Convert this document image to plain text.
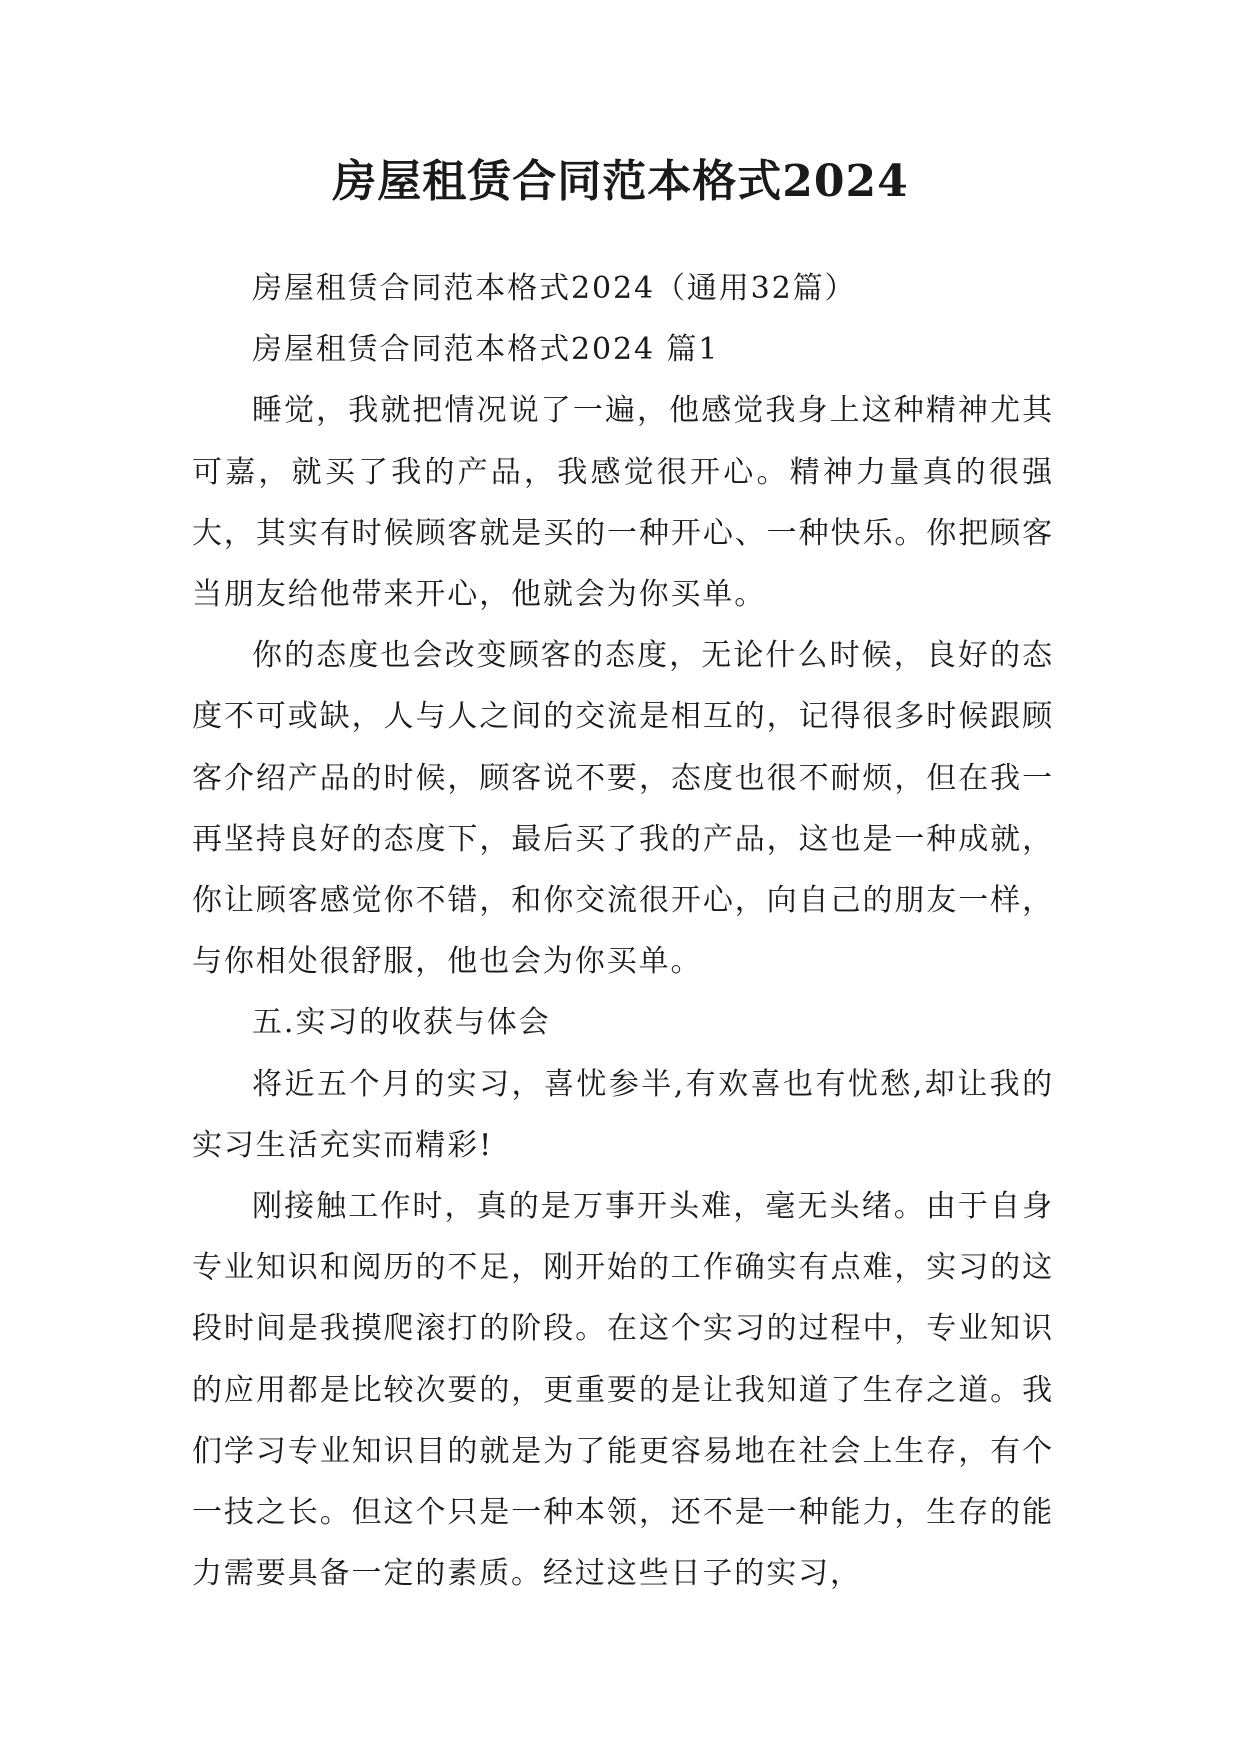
房屋租赁合同范本格式2024

房屋租赁合同范本格式2024（通用32篇）

房屋租赁合同范本格式2024 篇1

睡觉，我就把情况说了一遍，他感觉我身上这种精神尤其可嘉，就买了我的产品，我感觉很开心。精神力量真的很强大，其实有时候顾客就是买的一种开心、一种快乐。你把顾客当朋友给他带来开心，他就会为你买单。

你的态度也会改变顾客的态度，无论什么时候，良好的态度不可或缺，人与人之间的交流是相互的，记得很多时候跟顾客介绍产品的时候，顾客说不要，态度也很不耐烦，但在我一再坚持良好的态度下，最后买了我的产品，这也是一种成就，你让顾客感觉你不错，和你交流很开心，向自己的朋友一样，与你相处很舒服，他也会为你买单。

五.实习的收获与体会

将近五个月的实习，喜忧参半,有欢喜也有忧愁,却让我的实习生活充实而精彩!

刚接触工作时，真的是万事开头难，毫无头绪。由于自身专业知识和阅历的不足，刚开始的工作确实有点难，实习的这段时间是我摸爬滚打的阶段。在这个实习的过程中，专业知识的应用都是比较次要的，更重要的是让我知道了生存之道。我们学习专业知识目的就是为了能更容易地在社会上生存，有个一技之长。但这个只是一种本领，还不是一种能力，生存的能力需要具备一定的素质。经过这些日子的实习，
